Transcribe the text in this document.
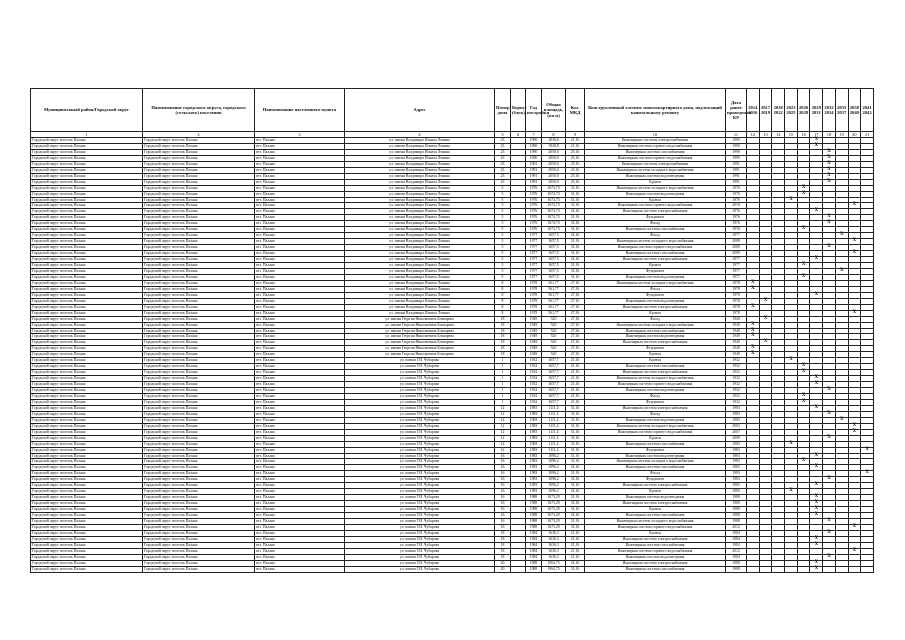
Муниципальный район/Городской округ	Наименование городского округа, городского (сельского) поселения	Наименование населенного пункта	Адрес	Номер дома	Корпус (блок)	Год постройки	Общая площадь, (кв.м)	Кол. МКД	Конструктивный элемент многоквартирного дома, подлежащий капитальному ремонту	Дата ранее проведения КР	2014 2016	2017 2019	2020 2022	2023 2025	2026 2028	2029 2031	2032 2034	2035 2037	2038 2040	2041 2043
1	2	3	4	5	6	7	8	9	10	11	12	13	14	15	16	17	18	19	20	21
Городской округ поселок Палана	Городской округ поселок Палана	пгт. Палана	ул. имени Владимира Ильича Ленина	23		1990	1838,8	21,16	Инженерные системы электроснабжения	1990						X				
Городской округ поселок Палана	Городской округ поселок Палана	пгт. Палана	ул. имени Владимира Ильича Ленина	23		1990	1838,8	21,16	Инженерная система горячего водоснабжения	1990						X				
Городской округ поселок Палана	Городской округ поселок Палана	пгт. Палана	ул. имени Владимира Ильича Ленина	23		1990	2050,0	25,16	Инженерная система газоснабжения	1990							X			
Городской округ поселок Палана	Городской округ поселок Палана	пгт. Палана	ул. имени Владимира Ильича Ленина	23		1990	2050,0	25,16	Инженерная система горячего водоснабжения	1990							X			
Городской округ поселок Палана	Городской округ поселок Палана	пгт. Палана	ул. имени Владимира Ильича Ленина	23		1991	2050,0	25,16	Инженерные системы электроснабжения	1991							X			
Городской округ поселок Палана	Городской округ поселок Палана	пгт. Палана	ул. имени Владимира Ильича Ленина	23		1991	2050,0	25,16	Инженерная система холодного водоснабжения	1991							X			
Городской округ поселок Палана	Городской округ поселок Палана	пгт. Палана	ул. имени Владимира Ильича Ленина	23		1991	2050,0	25,16	Инженерная система водоотведения	1991							X			
Городской округ поселок Палана	Городской округ поселок Палана	пгт. Палана	ул. имени Владимира Ильича Ленина	23		1991	2050,0	25,16	Кровля	1991							X			
Городской округ поселок Палана	Городской округ поселок Палана	пгт. Палана	ул. имени Владимира Ильича Ленина	5		1976	1674,73	31,16	Инженерная система холодного водоснабжения	1976					X					
Городской округ поселок Палана	Городской округ поселок Палана	пгт. Палана	ул. имени Владимира Ильича Ленина	5		1976	1674,73	31,16	Инженерная система водоотведения	1976					X					
Городской округ поселок Палана	Городской округ поселок Палана	пгт. Палана	ул. имени Владимира Ильича Ленина	5		1976	1674,73	31,16	Кровля	1976				X						
Городской округ поселок Палана	Городской округ поселок Палана	пгт. Палана	ул. имени Владимира Ильича Ленина	5		1976	1674,73	31,16	Инженерная система горячего водоснабжения	2018									X	
Городской округ поселок Палана	Городской округ поселок Палана	пгт. Палана	ул. имени Владимира Ильича Ленина	5		1976	1674,73	31,16	Инженерная система электроснабжения	1976						X				
Городской округ поселок Палана	Городской округ поселок Палана	пгт. Палана	ул. имени Владимира Ильича Ленина	5		1976	1674,73	31,16	Фундамент	1976							X			
Городской округ поселок Палана	Городской округ поселок Палана	пгт. Палана	ул. имени Владимира Ильича Ленина	5		1976	1674,73	31,16	Фасад	1976							X			
Городской округ поселок Палана	Городской округ поселок Палана	пгт. Палана	ул. имени Владимира Ильича Ленина	5		1976	1674,73	31,16	Инженерная система газоснабжения	1976					X					
Городской округ поселок Палана	Городской округ поселок Палана	пгт. Палана	ул. имени Владимира Ильича Ленина	5		1977	1657,5	31,16	Фасад	1977								X		
Городской округ поселок Палана	Городской округ поселок Палана	пгт. Палана	ул. имени Владимира Ильича Ленина	5		1977	1657,5	31,16	Инженерная система холодного водоснабжения	2008									X	
Городской округ поселок Палана	Городской округ поселок Палана	пгт. Палана	ул. имени Владимира Ильича Ленина	5		1977	1657,5	31,16	Инженерная система горячего водоснабжения	2008							X			
Городской округ поселок Палана	Городской округ поселок Палана	пгт. Палана	ул. имени Владимира Ильича Ленина	5		1977	1657,5	31,16	Инженерная система газоснабжения	2009									X	
Городской округ поселок Палана	Городской округ поселок Палана	пгт. Палана	ул. имени Владимира Ильича Ленина	5		1977	1657,5	31,16	Инженерная система электроснабжения	1977						X				
Городской округ поселок Палана	Городской округ поселок Палана	пгт. Палана	ул. имени Владимира Ильича Ленина	5		1977	1657,5	31,16	Кровля	1977					X					
Городской округ поселок Палана	Городской округ поселок Палана	пгт. Палана	ул. имени Владимира Ильича Ленина	5		1977	1657,5	31,16	Фундамент	1977								X		
Городской округ поселок Палана	Городской округ поселок Палана	пгт. Палана	ул. имени Владимира Ильича Ленина	5		1977	1657,5	31,16	Инженерная система водоотведения	1977					X					
Городской округ поселок Палана	Городской округ поселок Палана	пгт. Палана	ул. имени Владимира Ильича Ленина	8		1978	561,77	27,16	Инженерная система холодного водоснабжения	1978	X									
Городской округ поселок Палана	Городской округ поселок Палана	пгт. Палана	ул. имени Владимира Ильича Ленина	8		1978	561,77	27,16	Фасад	1978	X									
Городской округ поселок Палана	Городской округ поселок Палана	пгт. Палана	ул. имени Владимира Ильича Ленина	8		1978	561,77	27,16	Фундамент	1978						X				
Городской округ поселок Палана	Городской округ поселок Палана	пгт. Палана	ул. имени Владимира Ильича Ленина	8		1978	561,77	27,16	Инженерная система водоотведения	1978		X								
Городской округ поселок Палана	Городской округ поселок Палана	пгт. Палана	ул. имени Владимира Ильича Ленина	8		1978	561,77	27,16	Инженерная система электроснабжения	1978	X									
Городской округ поселок Палана	Городской округ поселок Палана	пгт. Палана	ул. имени Владимира Ильича Ленина	8		1978	561,77	27,16	Кровля	1978									X	
Городской округ поселок Палана	Городской округ поселок Палана	пгт. Палана	ул. имени Георгия Николаевича Бочкарева	18		1949	520	27,16	Фасад	1949		X								
Городской округ поселок Палана	Городской округ поселок Палана	пгт. Палана	ул. имени Георгия Николаевича Бочкарева	18		1949	520	27,16	Инженерная система холодного водоснабжения	1949	X									
Городской округ поселок Палана	Городской округ поселок Палана	пгт. Палана	ул. имени Георгия Николаевича Бочкарева	18		1949	520	27,16	Инженерная система газоснабжения	1949	X									
Городской округ поселок Палана	Городской округ поселок Палана	пгт. Палана	ул. имени Георгия Николаевича Бочкарева	18		1949	520	27,16	Инженерная система водоотведения	1949	X									
Городской округ поселок Палана	Городской округ поселок Палана	пгт. Палана	ул. имени Георгия Николаевича Бочкарева	18		1949	520	27,16	Инженерная система электроснабжения	1949		X								
Городской округ поселок Палана	Городской округ поселок Палана	пгт. Палана	ул. имени Георгия Николаевича Бочкарева	18		1949	520	27,16	Фундамент	1949	X									
Городской округ поселок Палана	Городской округ поселок Палана	пгт. Палана	ул. имени Георгия Николаевича Бочкарева	18		1949	520	27,16	Кровля	1949	X									
Городской округ поселок Палана	Городской округ поселок Палана	пгт. Палана	ул. имени Г.И. Чубарова	1		1932	1657,7	21,16	Кровля	1932				X						
Городской округ поселок Палана	Городской округ поселок Палана	пгт. Палана	ул. имени Г.И. Чубарова	1		1932	1657,7	21,16	Инженерная система газоснабжения	1932					X					
Городской округ поселок Палана	Городской округ поселок Палана	пгт. Палана	ул. имени Г.И. Чубарова	1		1932	1657,7	21,16	Инженерная система электроснабжения	1932					X					
Городской округ поселок Палана	Городской округ поселок Палана	пгт. Палана	ул. имени Г.И. Чубарова	1		1932	1657,7	21,16	Инженерная система холодного водоснабжения	1932						X				
Городской округ поселок Палана	Городской округ поселок Палана	пгт. Палана	ул. имени Г.И. Чубарова	1		1932	1657,7	21,16	Инженерная система горячего водоснабжения	1932						X				
Городской округ поселок Палана	Городской округ поселок Палана	пгт. Палана	ул. имени Г.И. Чубарова	1		1932	1657,7	21,16	Инженерная система водоотведения	1932							X			
Городской округ поселок Палана	Городской округ поселок Палана	пгт. Палана	ул. имени Г.И. Чубарова	1		1932	1657,7	21,16	Фасад	1932					X					
Городской округ поселок Палана	Городской округ поселок Палана	пгт. Палана	ул. имени Г.И. Чубарова	1		1932	1657,7	21,16	Фундамент	1932					X					
Городской округ поселок Палана	Городской округ поселок Палана	пгт. Палана	ул. имени Г.И. Чубарова	12		1983	1111,4	31,16	Инженерная система электроснабжения	1983						X				
Городской округ поселок Палана	Городской округ поселок Палана	пгт. Палана	ул. имени Г.И. Чубарова	12		1983	1111,4	31,16	Фасад	1983							X			
Городской округ поселок Палана	Городской округ поселок Палана	пгт. Палана	ул. имени Г.И. Чубарова	12		1983	1111,4	31,16	Инженерная система водоотведения	1983								X		
Городской округ поселок Палана	Городской округ поселок Палана	пгт. Палана	ул. имени Г.И. Чубарова	12		1983	1111,4	31,16	Инженерная система холодного водоснабжения	2003									X	
Городской округ поселок Палана	Городской округ поселок Палана	пгт. Палана	ул. имени Г.И. Чубарова	12		1983	1111,4	31,16	Инженерная система горячего водоснабжения	2007									X	
Городской округ поселок Палана	Городской округ поселок Палана	пгт. Палана	ул. имени Г.И. Чубарова	12		1983	1111,4	31,16	Кровля	2009							X			
Городской округ поселок Палана	Городской округ поселок Палана	пгт. Палана	ул. имени Г.И. Чубарова	12		1983	1111,4	31,16	Инженерная система газоснабжения	1983				X						
Городской округ поселок Палана	Городской округ поселок Палана	пгт. Палана	ул. имени Г.И. Чубарова	12		1983	1111,4	31,16	Фундамент	1983										X
Городской округ поселок Палана	Городской округ поселок Палана	пгт. Палана	ул. имени Г.И. Чубарова	16		1983	1096,2	31,16	Инженерная система водоотведения	1983						X				
Городской округ поселок Палана	Городской округ поселок Палана	пгт. Палана	ул. имени Г.И. Чубарова	16		1983	1096,2	31,16	Инженерная система холодного водоснабжения	1983					X					
Городской округ поселок Палана	Городской округ поселок Палана	пгт. Палана	ул. имени Г.И. Чубарова	16		1983	1096,2	31,16	Инженерная система газоснабжения	1983						X				
Городской округ поселок Палана	Городской округ поселок Палана	пгт. Палана	ул. имени Г.И. Чубарова	16		1983	1096,2	31,16	Фасад	1983										X
Городской округ поселок Палана	Городской округ поселок Палана	пгт. Палана	ул. имени Г.И. Чубарова	16		1983	1096,2	31,16	Фундамент	1983							X			
Городской округ поселок Палана	Городской округ поселок Палана	пгт. Палана	ул. имени Г.И. Чубарова	16		1983	1096,2	31,16	Инженерная система электроснабжения	1983						X				
Городской округ поселок Палана	Городской округ поселок Палана	пгт. Палана	ул. имени Г.И. Чубарова	16		1983	1096,2	31,16	Кровля	1983				X						
Городской округ поселок Палана	Городской округ поселок Палана	пгт. Палана	ул. имени Г.И. Чубарова	16		1988	1673,29	31,16	Инженерная система водоотведения	1988						X				
Городской округ поселок Палана	Городской округ поселок Палана	пгт. Палана	ул. имени Г.И. Чубарова	16		1988	1673,29	31,16	Инженерная система электроснабжения	1988						X				
Городской округ поселок Палана	Городской округ поселок Палана	пгт. Палана	ул. имени Г.И. Чубарова	16		1988	1673,29	31,16	Кровля	1988						X				
Городской округ поселок Палана	Городской округ поселок Палана	пгт. Палана	ул. имени Г.И. Чубарова	16		1988	1673,29	31,16	Инженерная система газоснабжения	1988						X				
Городской округ поселок Палана	Городской округ поселок Палана	пгт. Палана	ул. имени Г.И. Чубарова	16		1988	1673,29	31,16	Инженерная система холодного водоснабжения	1988							X			
Городской округ поселок Палана	Городской округ поселок Палана	пгт. Палана	ул. имени Г.И. Чубарова	16		1988	1673,29	31,16	Инженерная система горячего водоснабжения	2012									X	
Городской округ поселок Палана	Городской округ поселок Палана	пгт. Палана	ул. имени Г.И. Чубарова	18		1984	1636,3	21,16	Кровля	1984							X			
Городской округ поселок Палана	Городской округ поселок Палана	пгт. Палана	ул. имени Г.И. Чубарова	18		1984	1636,3	21,16	Инженерная система электроснабжения	1984						X				
Городской округ поселок Палана	Городской округ поселок Палана	пгт. Палана	ул. имени Г.И. Чубарова	18		1984	1636,3	21,16	Инженерная система газоснабжения	1984						X				
Городской округ поселок Палана	Городской округ поселок Палана	пгт. Палана	ул. имени Г.И. Чубарова	18		1984	1636,3	21,16	Инженерная система горячего водоснабжения	2012									X	
Городской округ поселок Палана	Городской округ поселок Палана	пгт. Палана	ул. имени Г.И. Чубарова	18		1984	1636,3	21,16	Инженерная система водоотведения	1984							X			
Городской округ поселок Палана	Городской округ поселок Палана	пгт. Палана	ул. имени Г.И. Чубарова	20		1988	1964,75	31,16	Инженерная система электроснабжения	1988						X				
Городской округ поселок Палана	Городской округ поселок Палана	пгт. Палана	ул. имени Г.И. Чубарова	20		1988	1964,75	31,16	Инженерная система газоснабжения	1988						X				
